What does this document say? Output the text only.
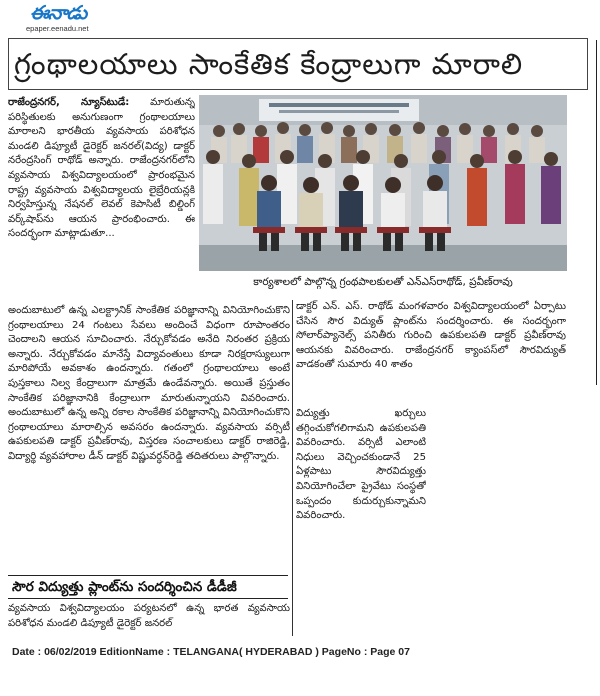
ఈనాడు
epaper.eenadu.net
గ్రంథాలయాలు సాంకేతిక కేంద్రాలుగా మారాలి
రాజేంద్రనగర్, న్యూస్‌టుడే: మారుతున్న పరిస్థితులకు అనుగుణంగా గ్రంథాలయాలు మారాలని భారతీయ వ్యవసాయ పరిశోధన మండలి డిప్యూటీ డైరెక్టర్ జనరల్(విద్య) డాక్టర్ నరేంద్రసింగ్ రాథోడ్ అన్నారు. రాజేంద్రనగర్‌లోని వ్యవసాయ విశ్వవిద్యాలయంలో ప్రారంభమైన రాష్ట్ర వ్యవసాయ విశ్వవిద్యాలయ లైబ్రేరియన్లకి నిర్వహిస్తున్న నేషనల్ లెవల్ కెపాసిటీ బిల్డింగ్ వర్క్‌షాప్‌ను ఆయన ప్రారంభించారు. ఈ సందర్భంగా మాట్లాడుతూ...
కార్యశాలలో పాల్గొన్న గ్రంథపాలకులతో ఎన్‌ఎస్‌రాథోడ్, ప్రవీణ్‌రావు
అందుబాటులో ఉన్న ఎలక్ట్రానిక్ సాంకేతిక పరిజ్ఞానాన్ని వినియోగించుకొని గ్రంథాలయాలు 24 గంటలు సేవలు అందించే విధంగా రూపాంతరం చెందాలని ఆయన సూచించారు. నేర్చుకోవడం అనేది నిరంతర ప్రక్రియ అన్నారు. నేర్చుకోవడం మానేస్తే విద్యావంతులు కూడా నిరక్షరాస్యులుగా మారిపోయే అవకాశం ఉందన్నారు. గతంలో గ్రంథాలయాలు అంటే పుస్తకాలు నిల్వ కేంద్రాలుగా మాత్రమే ఉండేవన్నారు. అయితే ప్రస్తుతం సాంకేతిక పరిజ్ఞానానికి కేంద్రాలుగా మారుతున్నాయని వివరించారు. అందుబాటులో ఉన్న అన్ని రకాల సాంకేతిక పరిజ్ఞానాన్ని వినియోగించుకొని గ్రంథాలయాలు మారాల్సిన అవసరం ఉందన్నారు. వ్యవసాయ వర్సిటీ ఉపకులపతి డాక్టర్ ప్రవీణ్‌రావు, విస్తరణ సంచాలకులు డాక్టర్ రాజిరెడ్డి, విద్యార్థి వ్యవహారాల డీన్ డాక్టర్ విష్ణువర్ధన్‌రెడ్డి తదితరులు పాల్గొన్నారు.
డాక్టర్ ఎన్. ఎస్. రాథోడ్ మంగళవారం విశ్వవిద్యాలయంలో ఏర్పాటు చేసిన సౌర విద్యుత్ ప్లాంట్‌ను సందర్శించారు. ఈ సందర్భంగా సోలార్‌ప్యానెల్స్ పనితీరు గురించి ఉపకులపతి డాక్టర్ ప్రవీణ్‌రావు ఆయనకు వివరించారు. రాజేంద్రనగర్ క్యాంపస్‌లో సౌరవిద్యుత్ వాడకంతో సుమారు 40 శాతం
విద్యుత్తు ఖర్చులు తగ్గించుకోగలిగామని ఉపకులపతి వివరించారు. వర్సిటీ ఎలాంటి నిధులు వెచ్చించకుండానే 25 ఏళ్లపాటు సౌరవిద్యుత్తు వినియోగించేలా ప్రైవేటు సంస్థతో ఒప్పందం కుదుర్చుకున్నామని వివరించారు.
సౌర విద్యుత్తు ప్లాంట్‌ను సందర్శించిన డీడీజీ
వ్యవసాయ విశ్వవిద్యాలయం పర్యటనలో ఉన్న భారత వ్యవసాయ పరిశోధన మండలి డిప్యూటీ డైరెక్టర్ జనరల్
Date : 06/02/2019 EditionName : TELANGANA( HYDERABAD ) PageNo : Page 07
